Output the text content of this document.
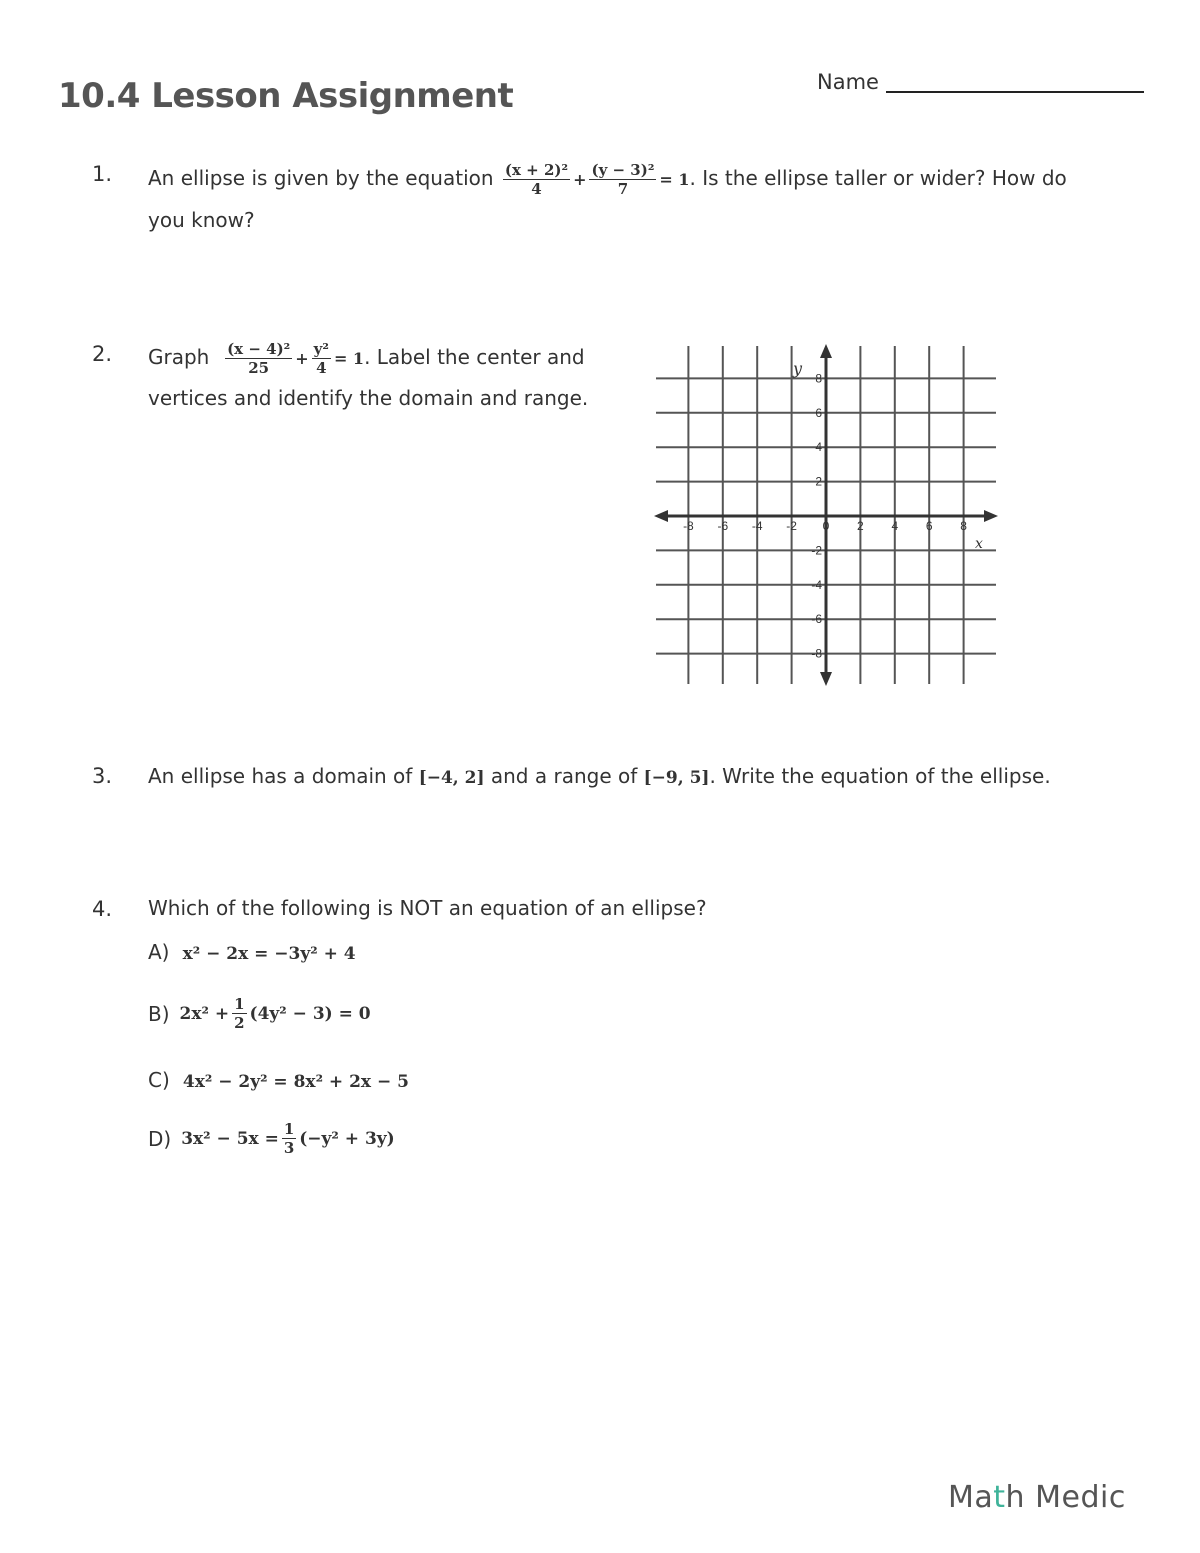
10.4 Lesson Assignment	Name
1. An ellipse is given by the equation $\frac{\text{(x + 2)²}}{4} + \frac{\text{(y − 3)²}}{7} = 1$. Is the ellipse taller or wider? How do
you know?
2. Graph $\frac{\text{(x − 4)²}}{25} + \frac{\text{y²}}{4} = 1$. Label the center and
vertices and identify the domain and range.
-8 -6 -4 -2 0 2 4 6 8
8
6
4
2
-2
-4
-6
-8
x
y
3. An ellipse has a domain of [−4, 2] and a range of [−9, 5]. Write the equation of the ellipse.
4. Which of the following is NOT an equation of an ellipse?
A) x² − 2x = −3y² + 4
B) $2x^2 + \frac{1}{2} (4y^2 - 3) = 0$
C) 4x² − 2y² = 8x² + 2x − 5
D) $3x^2 - 5x = \frac{1}{3} (-y^2 + 3y)$
Math Medic
